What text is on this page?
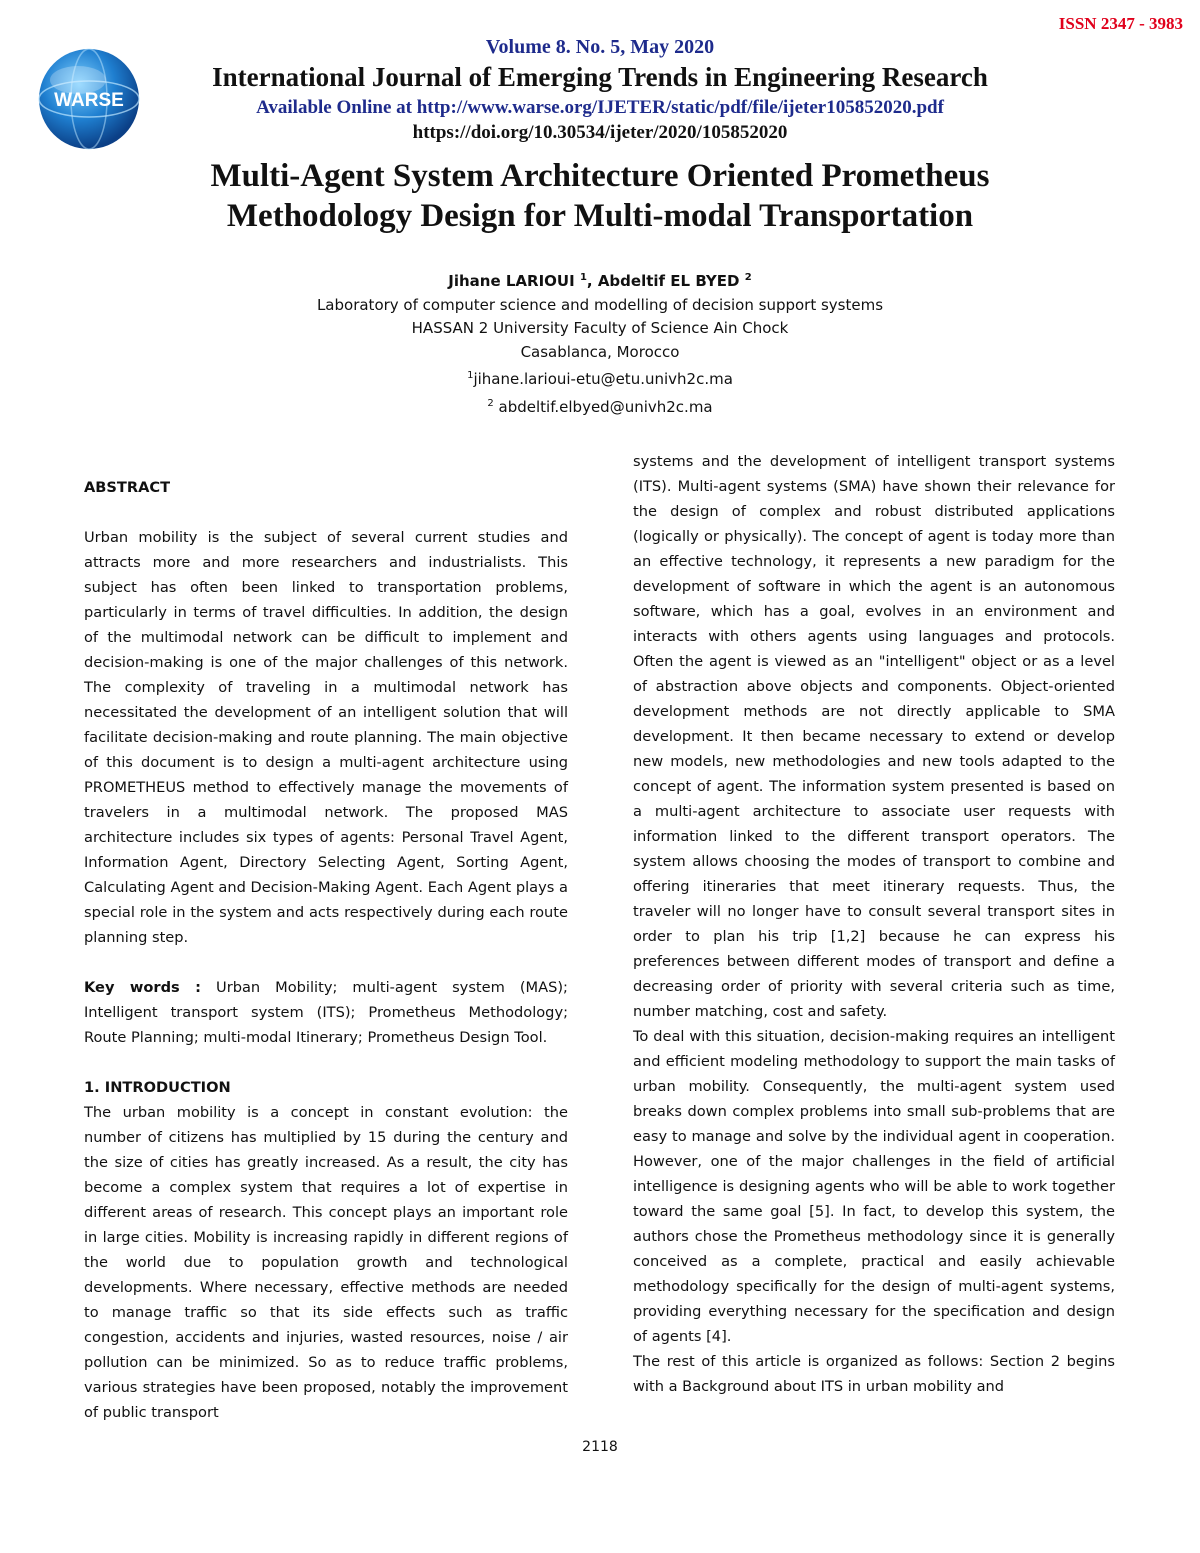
ISSN 2347 - 3983
WARSE
Volume 8. No. 5, May 2020
International Journal of Emerging Trends in Engineering Research
Available Online at http://www.warse.org/IJETER/static/pdf/file/ijeter105852020.pdf
https://doi.org/10.30534/ijeter/2020/105852020
Multi-Agent System Architecture Oriented Prometheus
Methodology Design for Multi-modal Transportation
Jihane LARIOUI $^1$, Abdeltif EL BYED $^2$
Laboratory of computer science and modelling of decision support systems
HASSAN 2 University Faculty of Science Ain Chock
Casablanca, Morocco
$^1$jihane.larioui-etu@etu.univh2c.ma
$^2$ abdeltif.elbyed@univh2c.ma

ABSTRACT

Urban mobility is the subject of several current studies and attracts more and more researchers and industrialists. This subject has often been linked to transportation problems, particularly in terms of travel difficulties. In addition, the design of the multimodal network can be difficult to implement and decision-making is one of the major challenges of this network. The complexity of traveling in a multimodal network has necessitated the development of an intelligent solution that will facilitate decision-making and route planning. The main objective of this document is to design a multi-agent architecture using PROMETHEUS method to effectively manage the movements of travelers in a multimodal network. The proposed MAS architecture includes six types of agents: Personal Travel Agent, Information Agent, Directory Selecting Agent, Sorting Agent, Calculating Agent and Decision-Making Agent. Each Agent plays a special role in the system and acts respectively during each route planning step.

Key words : Urban Mobility; multi-agent system (MAS); Intelligent transport system (ITS); Prometheus Methodology; Route Planning; multi-modal Itinerary; Prometheus Design Tool.

1. INTRODUCTION

The urban mobility is a concept in constant evolution: the number of citizens has multiplied by 15 during the century and the size of cities has greatly increased. As a result, the city has become a complex system that requires a lot of expertise in different areas of research. This concept plays an important role in large cities. Mobility is increasing rapidly in different regions of the world due to population growth and technological developments. Where necessary, effective methods are needed to manage traffic so that its side effects such as traffic congestion, accidents and injuries, wasted resources, noise / air pollution can be minimized. So as to reduce traffic problems, various strategies have been proposed, notably the improvement of public transport

systems and the development of intelligent transport systems (ITS). Multi-agent systems (SMA) have shown their relevance for the design of complex and robust distributed applications (logically or physically). The concept of agent is today more than an effective technology, it represents a new paradigm for the development of software in which the agent is an autonomous software, which has a goal, evolves in an environment and interacts with others agents using languages and protocols. Often the agent is viewed as an "intelligent" object or as a level of abstraction above objects and components. Object-oriented development methods are not directly applicable to SMA development. It then became necessary to extend or develop new models, new methodologies and new tools adapted to the concept of agent. The information system presented is based on a multi-agent architecture to associate user requests with information linked to the different transport operators. The system allows choosing the modes of transport to combine and offering itineraries that meet itinerary requests. Thus, the traveler will no longer have to consult several transport sites in order to plan his trip [1,2] because he can express his preferences between different modes of transport and define a decreasing order of priority with several criteria such as time, number matching, cost and safety.

To deal with this situation, decision-making requires an intelligent and efficient modeling methodology to support the main tasks of urban mobility. Consequently, the multi-agent system used breaks down complex problems into small sub-problems that are easy to manage and solve by the individual agent in cooperation. However, one of the major challenges in the field of artificial intelligence is designing agents who will be able to work together toward the same goal [5]. In fact, to develop this system, the authors chose the Prometheus methodology since it is generally conceived as a complete, practical and easily achievable methodology specifically for the design of multi-agent systems, providing everything necessary for the specification and design of agents [4].

The rest of this article is organized as follows: Section 2 begins with a Background about ITS in urban mobility and

2118
